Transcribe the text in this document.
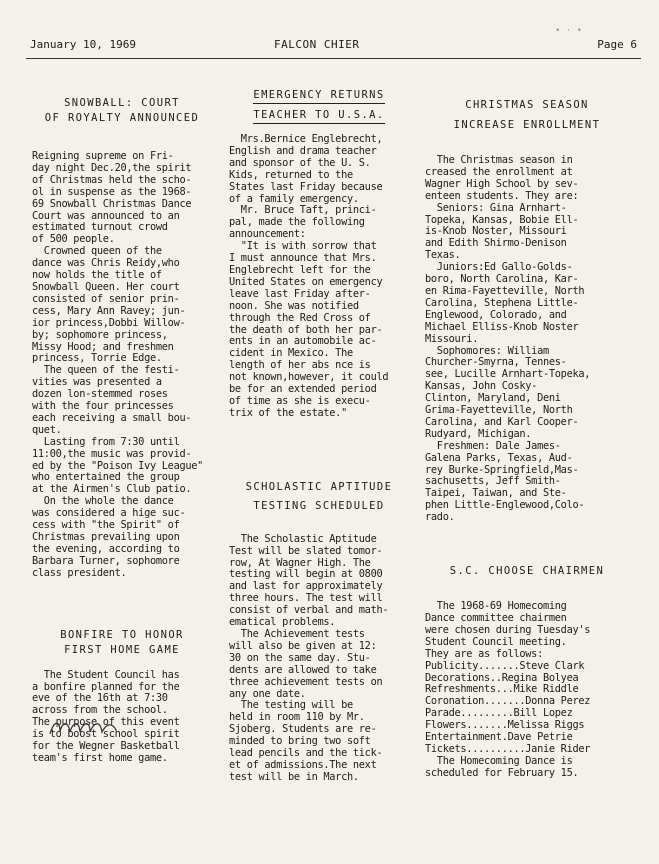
January 10, 1969	FALCON CHIER	Page 6
SNOWBALL: COURT
OF ROYALTY ANNOUNCED
Reigning supreme on Fri-
day night Dec.20,the spirit
of Christmas held the scho-
ol in suspense as the 1968-
69 Snowball Christmas Dance
Court was announced to an
estimated turnout crowd
of 500 people.
Crowned queen of the
dance was Chris Reidy,who
now holds the title of
Snowball Queen. Her court
consisted of senior prin-
cess, Mary Ann Ravey; jun-
ior princess,Dobbi Willow-
by; sophomore princess,
Missy Hood; and freshmen
princess, Torrie Edge.
The queen of the festi-
vities was presented a
dozen lon-stemmed roses
with the four princesses
each receiving a small bou-
quet.
Lasting from 7:30 until
11:00,the music was provid-
ed by the "Poison Ivy League"
who entertained the group
at the Airmen's Club patio.
On the whole the dance
was considered a hige suc-
cess with "the Spirit" of
Christmas prevailing upon
the evening, according to
Barbara Turner, sophomore
class president.
BONFIRE TO HONOR
FIRST HOME GAME
The Student Council has
a bonfire planned for the
eve of the 16th at 7:30
across from the school.
The purpose of this event
is to boost school spirit
for the Wegner Basketball
team's first home game.
EMERGENCY RETURNS
TEACHER TO U.S.A.
Mrs.Bernice Englebrecht,
English and drama teacher
and sponsor of the U. S.
Kids, returned to the
States last Friday because
of a family emergency.
Mr. Bruce Taft, princi-
pal, made the following
announcement:
"It is with sorrow that
I must announce that Mrs.
Englebrecht left for the
United States on emergency
leave last Friday after-
noon. She was notified
through the Red Cross of
the death of both her par-
ents in an automobile ac-
cident in Mexico. The
length of her abs nce is
not known,however, it could
be for an extended period
of time as she is execu-
trix of the estate."
SCHOLASTIC APTITUDE
TESTING SCHEDULED
The Scholastic Aptitude
Test will be slated tomor-
row, At Wagner High. The
testing will begin at 0800
and last for approximately
three hours. The test will
consist of verbal and math-
ematical problems.
The Achievement tests
will also be given at 12:
30 on the same day. Stu-
dents are allowed to take
three achievement tests on
any one date.
The testing will be
held in room 110 by Mr.
Sjoberg. Students are re-
minded to bring two soft
lead pencils and the tick-
et of admissions.The next
test will be in March.
CHRISTMAS SEASON
INCREASE ENROLLMENT
The Christmas season in
creased the enrollment at
Wagner High School by sev-
enteen students. They are:
Seniors: Gina Arnhart-
Topeka, Kansas, Bobie Ell-
is-Knob Noster, Missouri
and Edith Shirmo-Denison
Texas.
Juniors:Ed Gallo-Golds-
boro, North Carolina, Kar-
en Rima-Fayetteville, North
Carolina, Stephena Little-
Englewood, Colorado, and
Michael Elliss-Knob Noster
Missouri.
Sophomores: William
Churcher-Smyrna, Tennes-
see, Lucille Arnhart-Topeka,
Kansas, John Cosky-
Clinton, Maryland, Deni
Grima-Fayetteville, North
Carolina, and Karl Cooper-
Rudyard, Michigan.
Freshmen: Dale James-
Galena Parks, Texas, Aud-
rey Burke-Springfield,Mas-
sachusetts, Jeff Smith-
Taipei, Taiwan, and Ste-
phen Little-Englewood,Colo-
rado.
S.C. CHOOSE CHAIRMEN
The 1968-69 Homecoming
Dance committee chairmen
were chosen during Tuesday's
Student Council meeting.
They are as follows:
Publicity.......Steve Clark
Decorations..Regina Bolyea
Refreshments...Mike Riddle
Coronation.......Donna Perez
Parade.........Bill Lopez
Flowers.......Melissa Riggs
Entertainment.Dave Petrie
Tickets..........Janie Rider
The Homecoming Dance is
scheduled for February 15.
• · •
